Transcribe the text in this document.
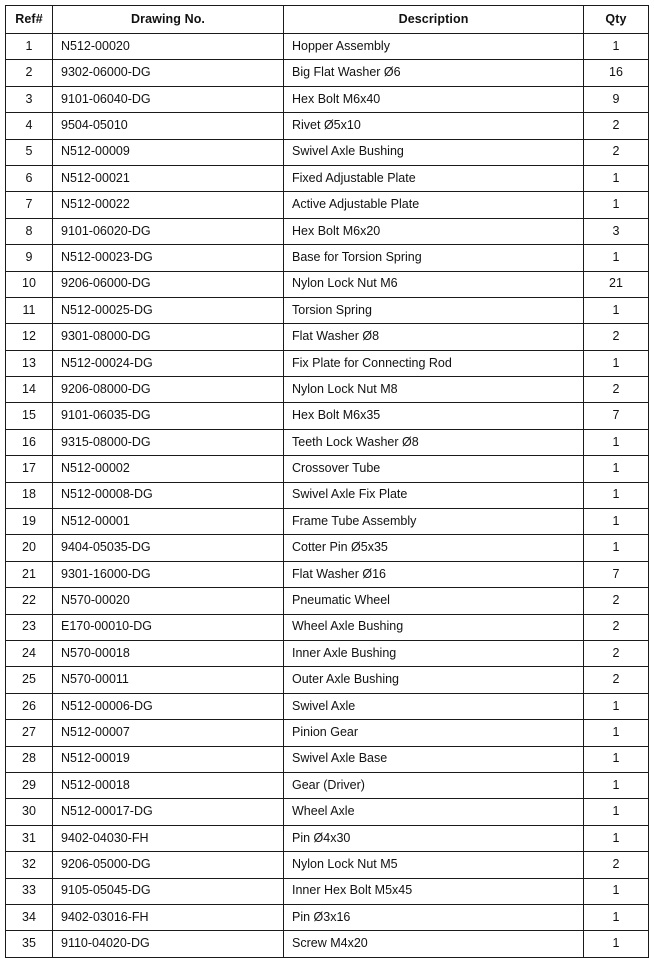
Ref#	Drawing No.	Description	Qty
1	N512-00020	Hopper Assembly	1
2	9302-06000-DG	Big Flat Washer Ø6	16
3	9101-06040-DG	Hex Bolt M6x40	9
4	9504-05010	Rivet Ø5x10	2
5	N512-00009	Swivel Axle Bushing	2
6	N512-00021	Fixed Adjustable Plate	1
7	N512-00022	Active Adjustable Plate	1
8	9101-06020-DG	Hex Bolt M6x20	3
9	N512-00023-DG	Base for Torsion Spring	1
10	9206-06000-DG	Nylon Lock Nut M6	21
11	N512-00025-DG	Torsion Spring	1
12	9301-08000-DG	Flat Washer Ø8	2
13	N512-00024-DG	Fix Plate for Connecting Rod	1
14	9206-08000-DG	Nylon Lock Nut M8	2
15	9101-06035-DG	Hex Bolt M6x35	7
16	9315-08000-DG	Teeth Lock Washer Ø8	1
17	N512-00002	Crossover Tube	1
18	N512-00008-DG	Swivel Axle Fix Plate	1
19	N512-00001	Frame Tube Assembly	1
20	9404-05035-DG	Cotter Pin Ø5x35	1
21	9301-16000-DG	Flat Washer Ø16	7
22	N570-00020	Pneumatic Wheel	2
23	E170-00010-DG	Wheel Axle Bushing	2
24	N570-00018	Inner Axle Bushing	2
25	N570-00011	Outer Axle Bushing	2
26	N512-00006-DG	Swivel Axle	1
27	N512-00007	Pinion Gear	1
28	N512-00019	Swivel Axle Base	1
29	N512-00018	Gear (Driver)	1
30	N512-00017-DG	Wheel Axle	1
31	9402-04030-FH	Pin Ø4x30	1
32	9206-05000-DG	Nylon Lock Nut M5	2
33	9105-05045-DG	Inner Hex Bolt M5x45	1
34	9402-03016-FH	Pin Ø3x16	1
35	9110-04020-DG	Screw M4x20	1
